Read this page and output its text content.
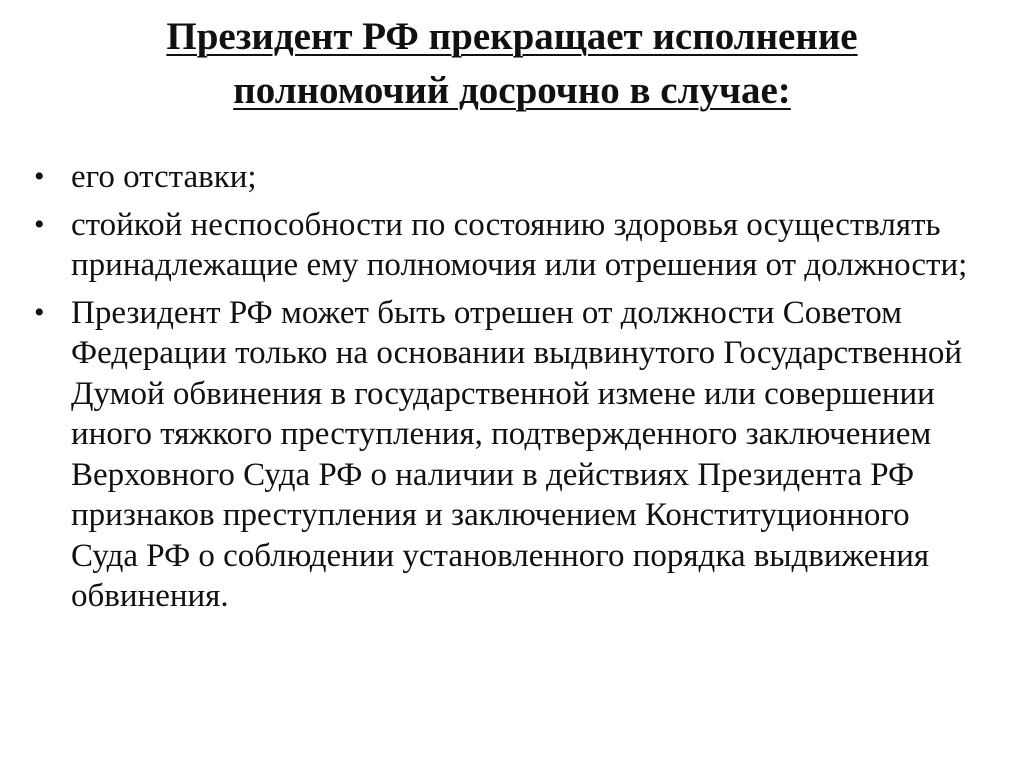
Президент РФ прекращает исполнение
полномочий досрочно в случае:
• его отставки;
• стойкой неспособности по состоянию здоровья осуществлять принадлежащие ему полномочия или отрешения от должности;
• Президент РФ может быть отрешен от должности Советом Федерации только на основании выдвинутого Государственной Думой обвинения в государственной измене или совершении иного тяжкого преступления, подтвержденного заключением Верховного Суда РФ о наличии в действиях Президента РФ признаков преступления и заключением Конституционного Суда РФ о соблюдении установленного порядка выдвижения обвинения.
